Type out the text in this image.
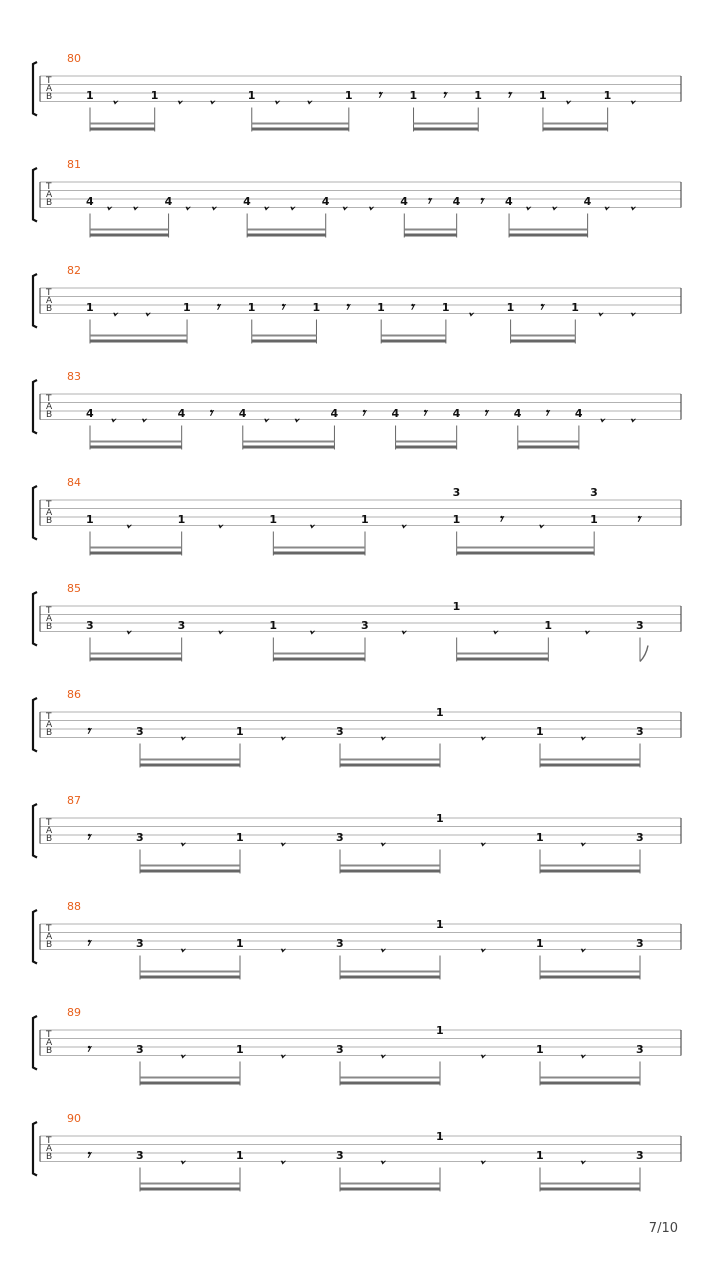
T
A
B
80
1	1	1	1 𝄾	1 𝄾	1 𝄾	1	1
T
A
B
81
4	4	4	4	4 𝄾 4 𝄾 4	4
T
A
B
82
1	1 𝄾	1 𝄾	1 𝄾	1 𝄾	1	1 𝄾	1
T
A
B
83
4	4 𝄾 4	4 𝄾 4 𝄾 4 𝄾 4 𝄾 4
T
A
B
84
1	1	1	1	1
3
𝄾	1
3
𝄾
T
A
B
85
3	3	1	3
1
1	3
T
A
B
86
𝄾	3	1	3
1
1	3
T
A
B
87
𝄾	3	1	3
1
1	3
T
A
B
88
𝄾	3	1	3
1
1	3
T
A
B
89
𝄾	3	1	3
1
1	3
T
A
B
90
𝄾	3	1	3
1
1	3
7/10
